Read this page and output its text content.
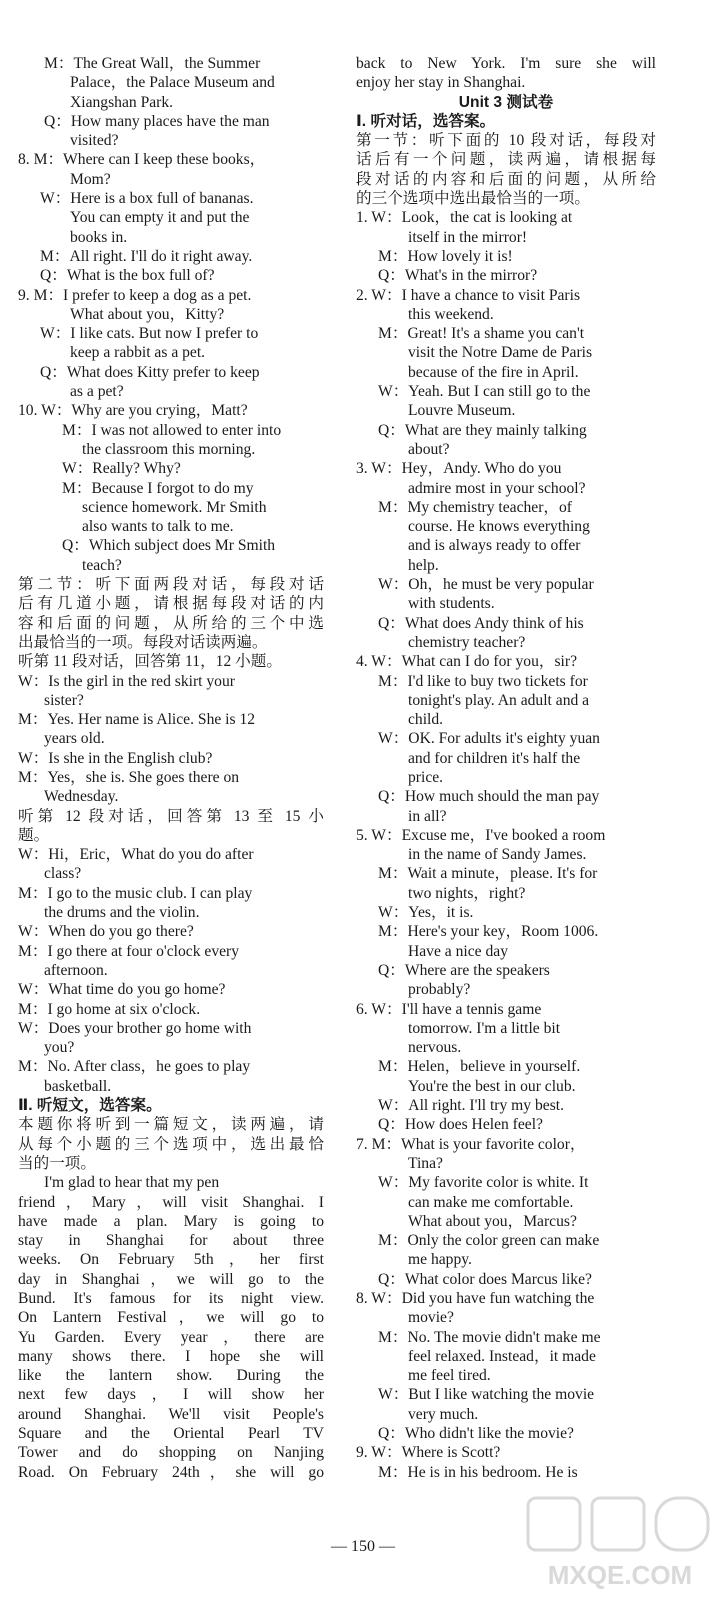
M：The Great Wall，the Summer
Palace，the Palace Museum and
Xiangshan Park.
Q：How many places have the man
visited?
8. M：Where can I keep these books，
Mom?
W：Here is a box full of bananas.
You can empty it and put the
books in.
M：All right. I'll do it right away.
Q：What is the box full of?
9. M：I prefer to keep a dog as a pet.
What about you，Kitty?
W：I like cats. But now I prefer to
keep a rabbit as a pet.
Q：What does Kitty prefer to keep
as a pet?
10. W：Why are you crying，Matt?
M：I was not allowed to enter into
the classroom this morning.
W：Really? Why?
M：Because I forgot to do my
science homework. Mr Smith
also wants to talk to me.
Q：Which subject does Mr Smith
teach?
第二节：听下面两段对话，每段对话
后有几道小题，请根据每段对话的内
容和后面的问题，从所给的三个中选
出最恰当的一项。每段对话读两遍。
听第 11 段对话，回答第 11，12 小题。
W：Is the girl in the red skirt your
sister?
M：Yes. Her name is Alice. She is 12
years old.
W：Is she in the English club?
M：Yes，she is. She goes there on
Wednesday.
听第 12 段对话，回答第 13 至 15 小
题。
W：Hi，Eric，What do you do after
class?
M：I go to the music club. I can play
the drums and the violin.
W：When do you go there?
M：I go there at four o'clock every
afternoon.
W：What time do you go home?
M：I go home at six o'clock.
W：Does your brother go home with
you?
M：No. After class，he goes to play
basketball.
Ⅱ. 听短文，选答案。
本题你将听到一篇短文，读两遍，请
从每个小题的三个选项中，选出最恰
当的一项。
I'm glad to hear that my pen
friend，Mary，will visit Shanghai. I
have made a plan. Mary is going to
stay in Shanghai for about three
weeks. On February 5th，her first
day in Shanghai，we will go to the
Bund. It's famous for its night view.
On Lantern Festival，we will go to
Yu Garden. Every year，there are
many shows there. I hope she will
like the lantern show. During the
next few days，I will show her
around Shanghai. We'll visit People's
Square and the Oriental Pearl TV
Tower and do shopping on Nanjing
Road. On February 24th，she will go
back to New York. I'm sure she will
enjoy her stay in Shanghai.
Unit 3 测试卷
Ⅰ. 听对话，选答案。
第一节：听下面的 10 段对话，每段对
话后有一个问题，读两遍，请根据每
段对话的内容和后面的问题，从所给
的三个选项中选出最恰当的一项。
1. W：Look，the cat is looking at
itself in the mirror!
M：How lovely it is!
Q：What's in the mirror?
2. W：I have a chance to visit Paris
this weekend.
M：Great! It's a shame you can't
visit the Notre Dame de Paris
because of the fire in April.
W：Yeah. But I can still go to the
Louvre Museum.
Q：What are they mainly talking
about?
3. W：Hey，Andy. Who do you
admire most in your school?
M：My chemistry teacher，of
course. He knows everything
and is always ready to offer
help.
W：Oh，he must be very popular
with students.
Q：What does Andy think of his
chemistry teacher?
4. W：What can I do for you，sir?
M：I'd like to buy two tickets for
tonight's play. An adult and a
child.
W：OK. For adults it's eighty yuan
and for children it's half the
price.
Q：How much should the man pay
in all?
5. W：Excuse me，I've booked a room
in the name of Sandy James.
M：Wait a minute，please. It's for
two nights，right?
W：Yes，it is.
M：Here's your key，Room 1006.
Have a nice day
Q：Where are the speakers
probably?
6. W：I'll have a tennis game
tomorrow. I'm a little bit
nervous.
M：Helen，believe in yourself.
You're the best in our club.
W：All right. I'll try my best.
Q：How does Helen feel?
7. M：What is your favorite color，
Tina?
W：My favorite color is white. It
can make me comfortable.
What about you，Marcus?
M：Only the color green can make
me happy.
Q：What color does Marcus like?
8. W：Did you have fun watching the
movie?
M：No. The movie didn't make me
feel relaxed. Instead，it made
me feel tired.
W：But I like watching the movie
very much.
Q：Who didn't like the movie?
9. W：Where is Scott?
M：He is in his bedroom. He is
— 150 —
MXQE.COM
